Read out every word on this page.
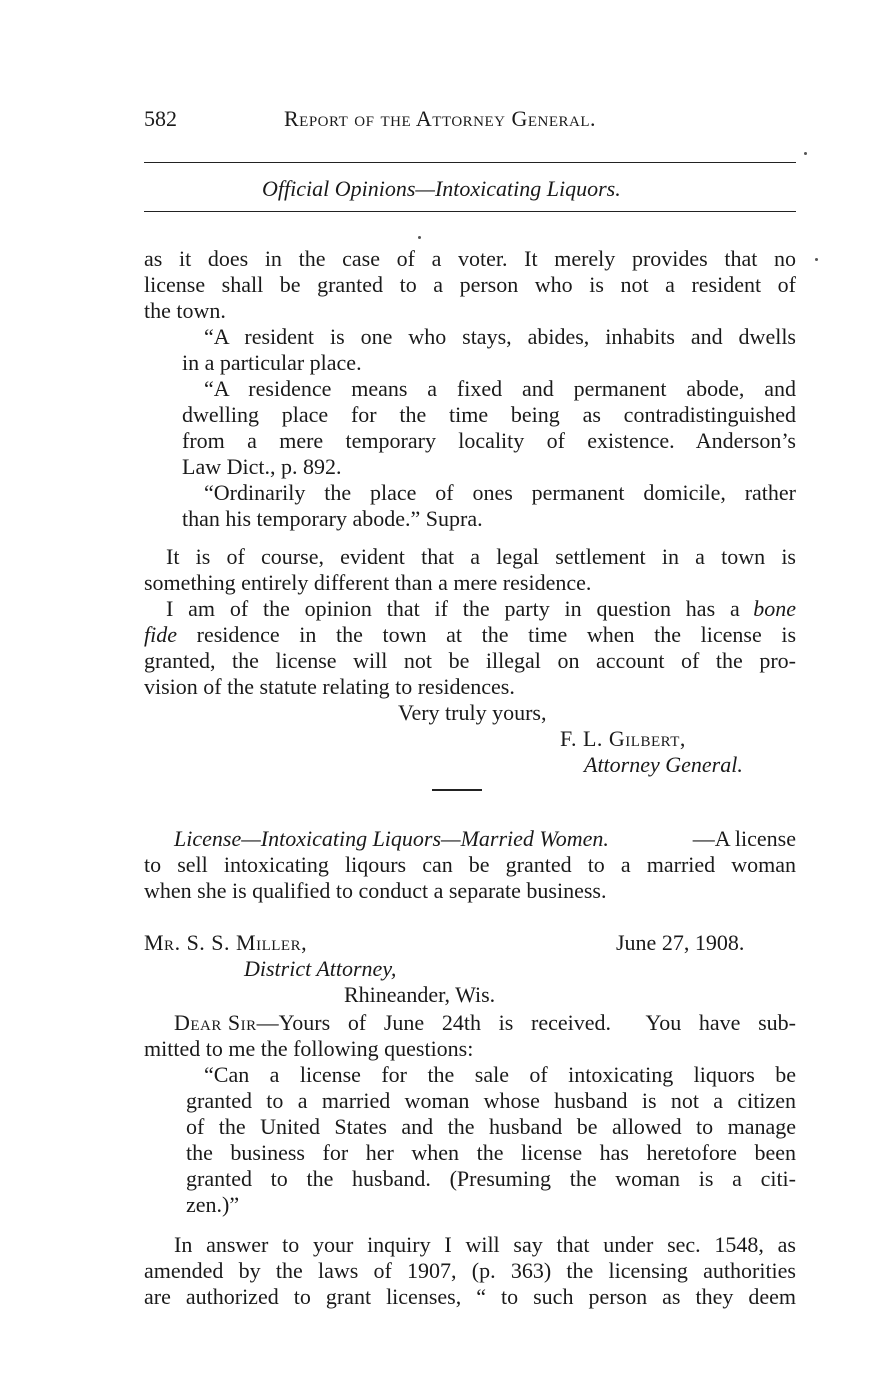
582	Report of the Attorney General.
Official Opinions—Intoxicating Liquors.
as it does in the case of a voter. It merely provides that no
license shall be granted to a person who is not a resident of
the town.
“A resident is one who stays, abides, inhabits and dwells
in a particular place.
“A residence means a fixed and permanent abode, and
dwelling place for the time being as contradistinguished
from a mere temporary locality of existence. Anderson’s
Law Dict., p. 892.
“Ordinarily the place of ones permanent domicile, rather
than his temporary abode.” Supra.
It is of course, evident that a legal settlement in a town is
something entirely different than a mere residence.
I am of the opinion that if the party in question has a bone
fide residence in the town at the time when the license is
granted, the license will not be illegal on account of the pro-
vision of the statute relating to residences.
Very truly yours,
F. L. Gilbert,
Attorney General.
License—Intoxicating Liquors—Married Women.	—A license
to sell intoxicating liqours can be granted to a married woman
when she is qualified to conduct a separate business.
Mr. S. S. Miller,	June 27, 1908.
District Attorney,
Rhineander, Wis.
Dear Sir —Yours of June 24th is received.  You have sub-
mitted to me the following questions:
“Can a license for the sale of intoxicating liquors be
granted to a married woman whose husband is not a citizen
of the United States and the husband be allowed to manage
the business for her when the license has heretofore been
granted to the husband. (Presuming the woman is a citi-
zen.)”
In answer to your inquiry I will say that under sec. 1548, as
amended by the laws of 1907, (p. 363) the licensing authorities
are authorized to grant licenses, “ to such person as they deem
